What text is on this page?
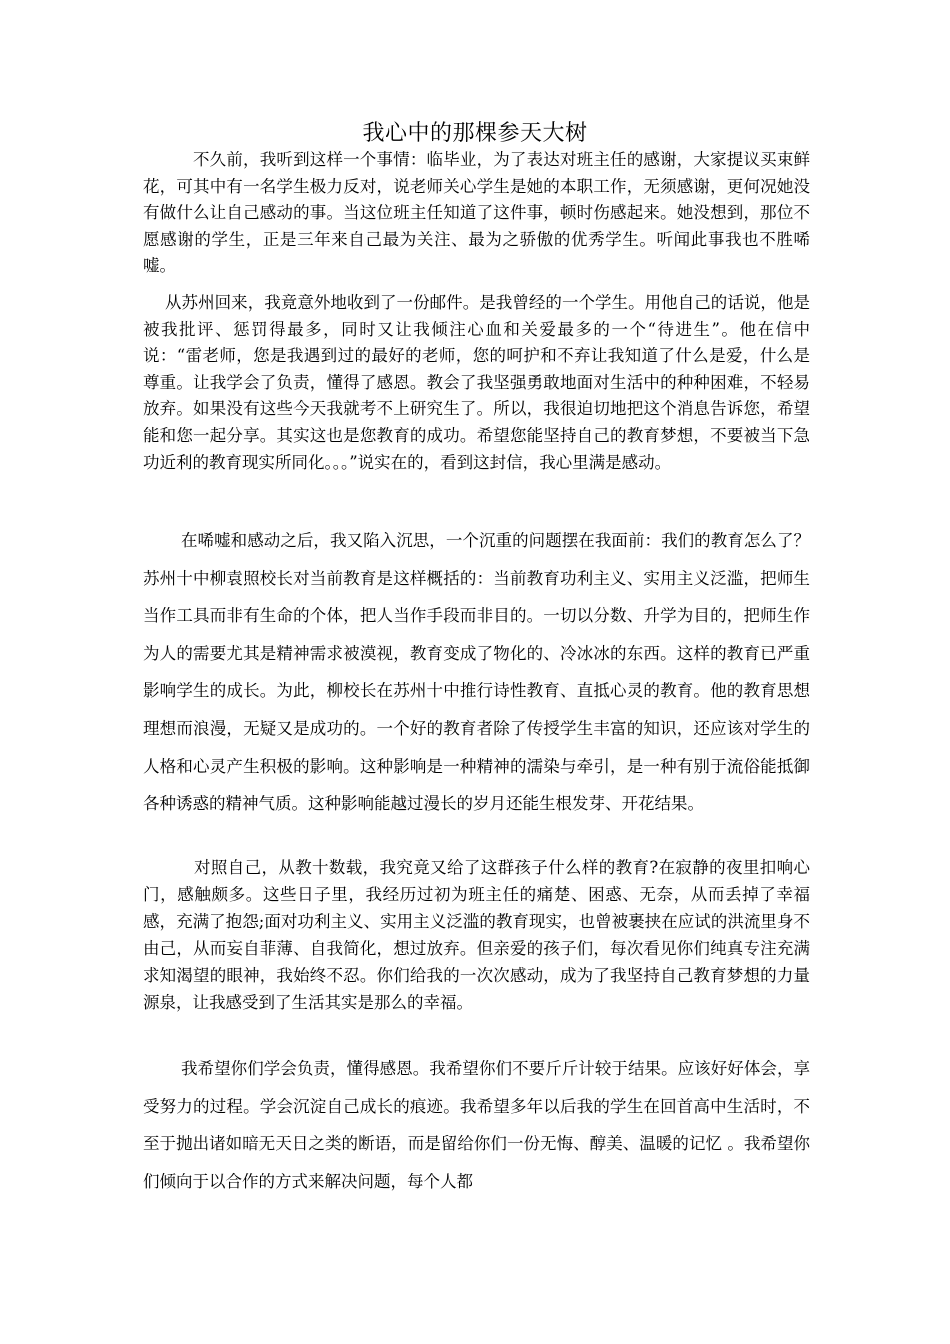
我心中的那棵参天大树

不久前，我听到这样一个事情：临毕业，为了表达对班主任的感谢，大家提议买束鲜花，可其中有一名学生极力反对，说老师关心学生是她的本职工作，无须感谢，更何况她没有做什么让自己感动的事。当这位班主任知道了这件事，顿时伤感起来。她没想到，那位不愿感谢的学生，正是三年来自己最为关注、最为之骄傲的优秀学生。听闻此事我也不胜唏嘘。

从苏州回来，我竟意外地收到了一份邮件。是我曾经的一个学生。用他自己的话说，他是被我批评、惩罚得最多，同时又让我倾注心血和关爱最多的一个“待进生”。他在信中说：“雷老师，您是我遇到过的最好的老师，您的呵护和不弃让我知道了什么是爱，什么是尊重。让我学会了负责，懂得了感恩。教会了我坚强勇敢地面对生活中的种种困难，不轻易放弃。如果没有这些今天我就考不上研究生了。所以，我很迫切地把这个消息告诉您，希望能和您一起分享。其实这也是您教育的成功。希望您能坚持自己的教育梦想，不要被当下急功近利的教育现实所同化。。。”说实在的，看到这封信，我心里满是感动。

在唏嘘和感动之后，我又陷入沉思，一个沉重的问题摆在我面前：我们的教育怎么了？苏州十中柳袁照校长对当前教育是这样概括的：当前教育功利主义、实用主义泛滥，把师生当作工具而非有生命的个体，把人当作手段而非目的。一切以分数、升学为目的，把师生作为人的需要尤其是精神需求被漠视，教育变成了物化的、冷冰冰的东西。这样的教育已严重影响学生的成长。为此，柳校长在苏州十中推行诗性教育、直抵心灵的教育。他的教育思想理想而浪漫，无疑又是成功的。一个好的教育者除了传授学生丰富的知识，还应该对学生的人格和心灵产生积极的影响。这种影响是一种精神的濡染与牵引，是一种有别于流俗能抵御各种诱惑的精神气质。这种影响能越过漫长的岁月还能生根发芽、开花结果。

对照自己，从教十数载，我究竟又给了这群孩子什么样的教育?在寂静的夜里扣响心门，感触颇多。这些日子里，我经历过初为班主任的痛楚、困惑、无奈，从而丢掉了幸福感，充满了抱怨;面对功利主义、实用主义泛滥的教育现实，也曾被裹挟在应试的洪流里身不由己，从而妄自菲薄、自我简化，想过放弃。但亲爱的孩子们，每次看见你们纯真专注充满求知渴望的眼神，我始终不忍。你们给我的一次次感动，成为了我坚持自己教育梦想的力量源泉，让我感受到了生活其实是那么的幸福。

我希望你们学会负责，懂得感恩。我希望你们不要斤斤计较于结果。应该好好体会，享受努力的过程。学会沉淀自己成长的痕迹。我希望多年以后我的学生在回首高中生活时，不至于抛出诸如暗无天日之类的断语，而是留给你们一份无悔、醇美、温暖的记忆 。我希望你们倾向于以合作的方式来解决问题，每个人都
